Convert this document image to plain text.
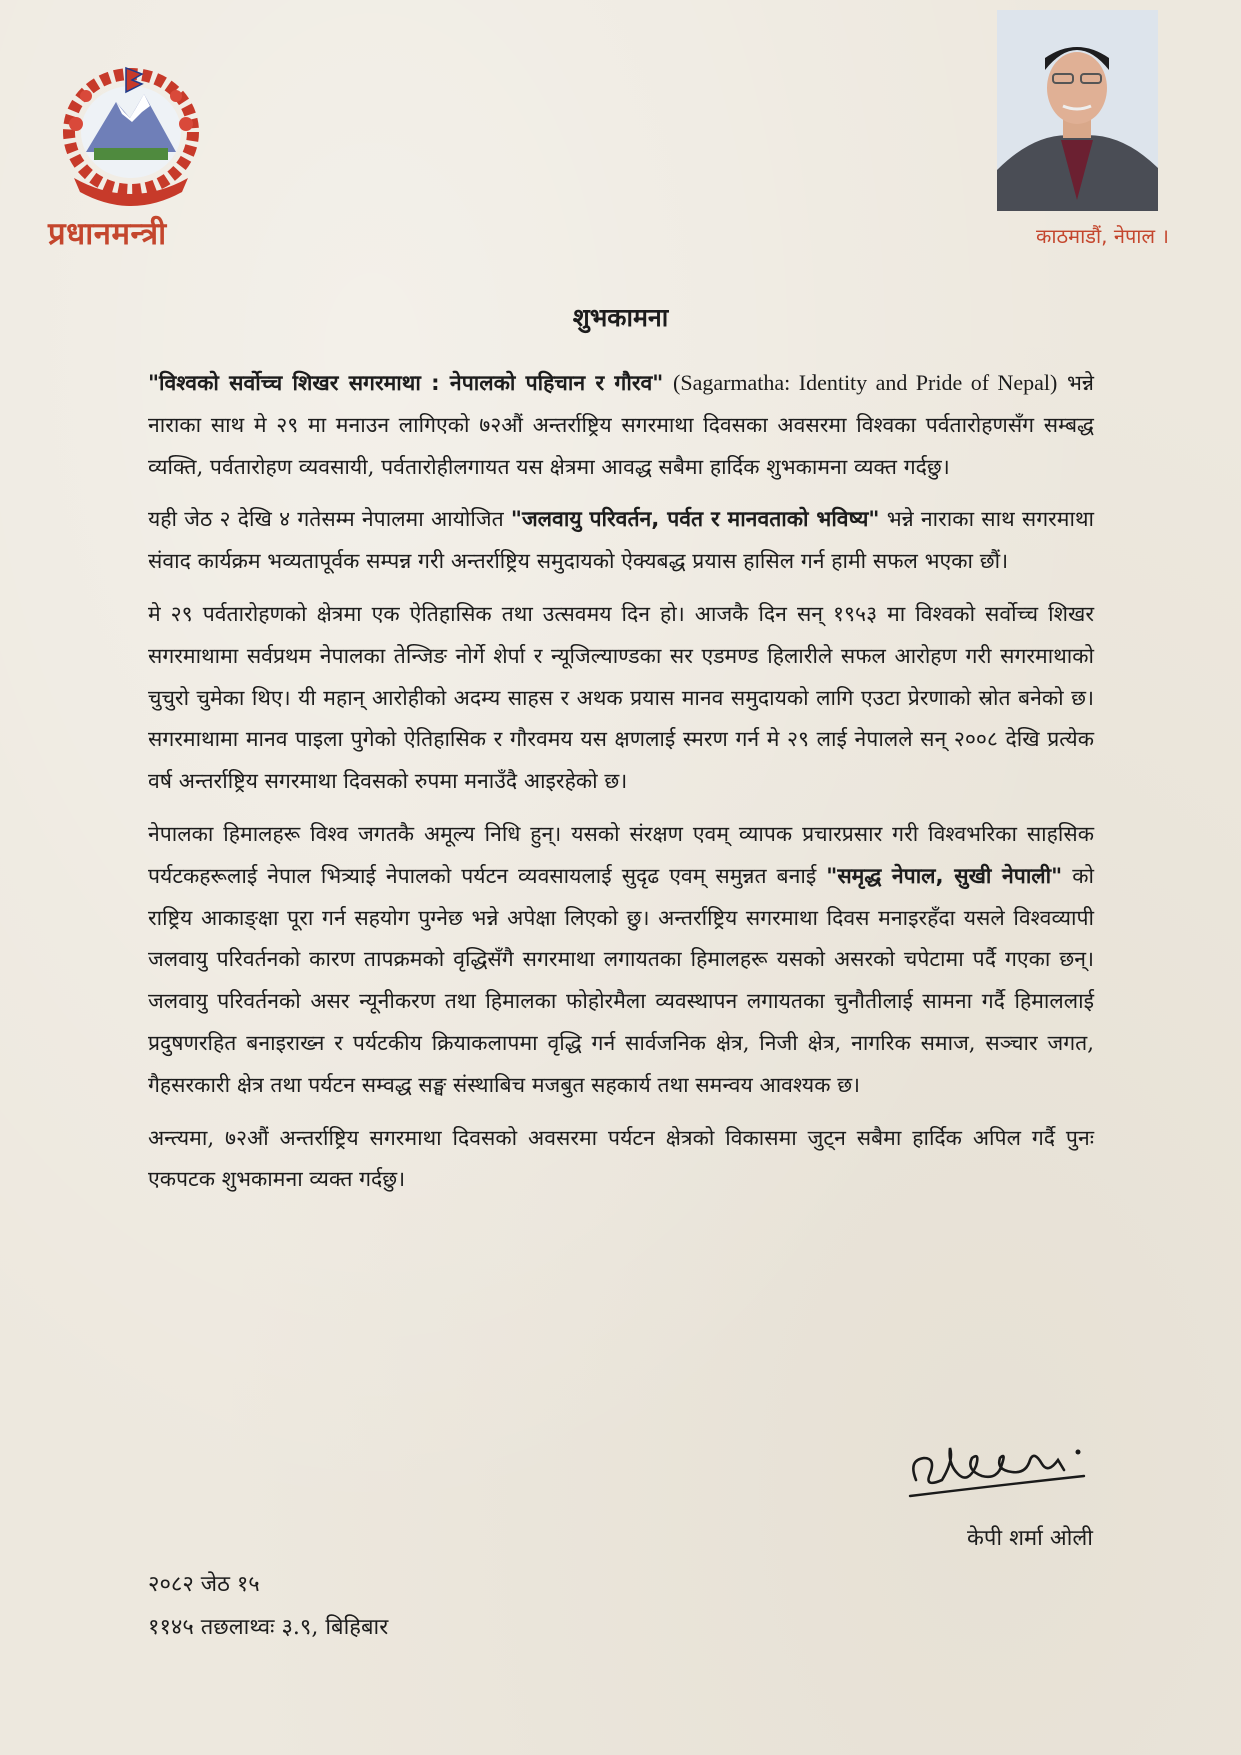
प्रधानमन्त्री	काठमाडौं, नेपाल ।
शुभकामना

"विश्वको सर्वोच्च शिखर सगरमाथा : नेपालको पहिचान र गौरव" (Sagarmatha: Identity and Pride of Nepal) भन्ने नाराका साथ मे २९ मा मनाउन लागिएको ७२औं अन्तर्राष्ट्रिय सगरमाथा दिवसका अवसरमा विश्वका पर्वतारोहणसँग सम्बद्ध व्यक्ति, पर्वतारोहण व्यवसायी, पर्वतारोहीलगायत यस क्षेत्रमा आवद्ध सबैमा हार्दिक शुभकामना व्यक्त गर्दछु।

यही जेठ २ देखि ४ गतेसम्म नेपालमा आयोजित "जलवायु परिवर्तन, पर्वत र मानवताको भविष्य" भन्ने नाराका साथ सगरमाथा संवाद कार्यक्रम भव्यतापूर्वक सम्पन्न गरी अन्तर्राष्ट्रिय समुदायको ऐक्यबद्ध प्रयास हासिल गर्न हामी सफल भएका छौं।

मे २९ पर्वतारोहणको क्षेत्रमा एक ऐतिहासिक तथा उत्सवमय दिन हो। आजकै दिन सन् १९५३ मा विश्वको सर्वोच्च शिखर सगरमाथामा सर्वप्रथम नेपालका तेन्जिङ नोर्गे शेर्पा र न्यूजिल्याण्डका सर एडमण्ड हिलारीले सफल आरोहण गरी सगरमाथाको चुचुरो चुमेका थिए। यी महान् आरोहीको अदम्य साहस र अथक प्रयास मानव समुदायको लागि एउटा प्रेरणाको स्रोत बनेको छ। सगरमाथामा मानव पाइला पुगेको ऐतिहासिक र गौरवमय यस क्षणलाई स्मरण गर्न मे २९ लाई नेपालले सन् २००८ देखि प्रत्येक वर्ष अन्तर्राष्ट्रिय सगरमाथा दिवसको रुपमा मनाउँदै आइरहेको छ।

नेपालका हिमालहरू विश्व जगतकै अमूल्य निधि हुन्। यसको संरक्षण एवम् व्यापक प्रचारप्रसार गरी विश्वभरिका साहसिक पर्यटकहरूलाई नेपाल भित्र्याई नेपालको पर्यटन व्यवसायलाई सुदृढ एवम् समुन्नत बनाई "समृद्ध नेपाल, सुखी नेपाली" को राष्ट्रिय आकाङ्क्षा पूरा गर्न सहयोग पुग्नेछ भन्ने अपेक्षा लिएको छु। अन्तर्राष्ट्रिय सगरमाथा दिवस मनाइरहँदा यसले विश्वव्यापी जलवायु परिवर्तनको कारण तापक्रमको वृद्धिसँगै सगरमाथा लगायतका हिमालहरू यसको असरको चपेटामा पर्दै गएका छन्। जलवायु परिवर्तनको असर न्यूनीकरण तथा हिमालका फोहोरमैला व्यवस्थापन लगायतका चुनौतीलाई सामना गर्दै हिमाललाई प्रदुषणरहित बनाइराख्न र पर्यटकीय क्रियाकलापमा वृद्धि गर्न सार्वजनिक क्षेत्र, निजी क्षेत्र, नागरिक समाज, सञ्चार जगत, गैहसरकारी क्षेत्र तथा पर्यटन सम्वद्ध सङ्घ संस्थाबिच मजबुत सहकार्य तथा समन्वय आवश्यक छ।

अन्त्यमा, ७२औं अन्तर्राष्ट्रिय सगरमाथा दिवसको अवसरमा पर्यटन क्षेत्रको विकासमा जुट्न सबैमा हार्दिक अपिल गर्दै पुनः एकपटक शुभकामना व्यक्त गर्दछु।

केपी शर्मा ओली
२०८२ जेठ १५
११४५ तछलाथ्वः ३.९, बिहिबार
